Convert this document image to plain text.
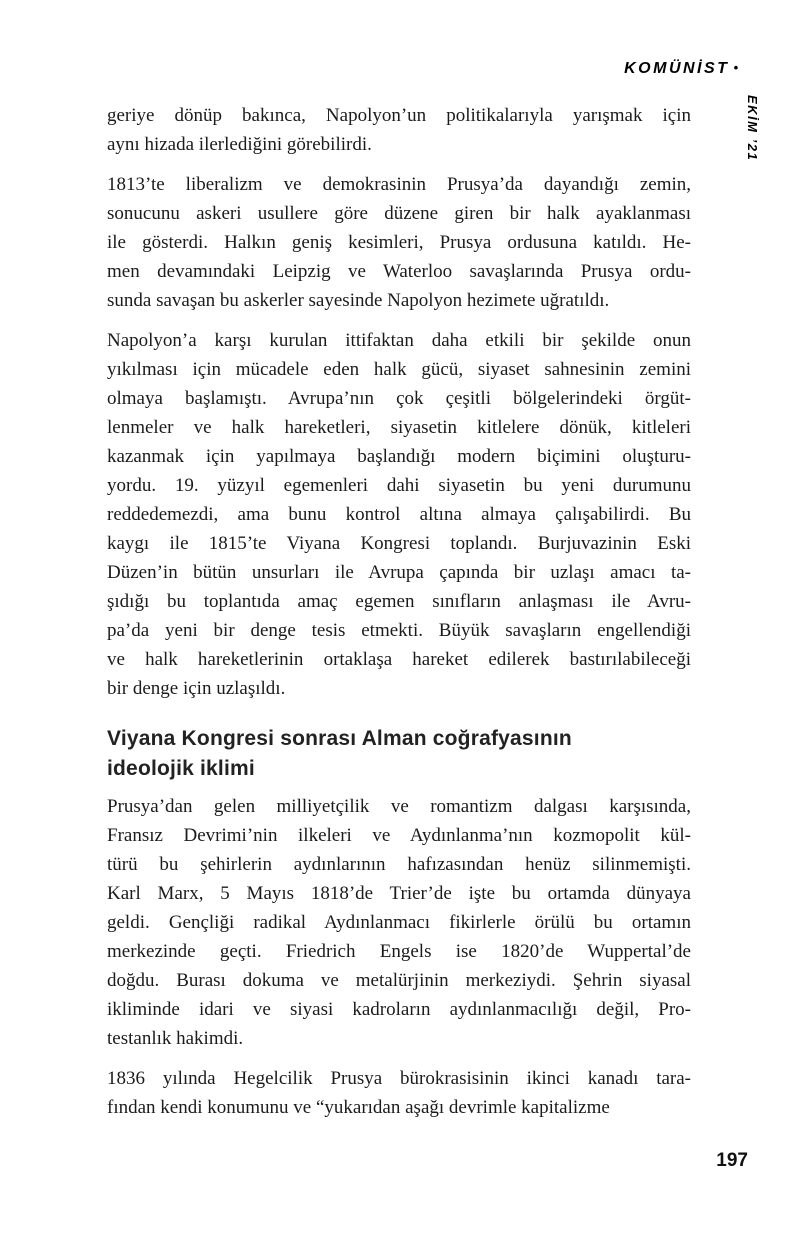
KOMÜNİST •
EKİM ’21

geriye dönüp bakınca, Napolyon’un politikalarıyla yarışmak için
aynı hizada ilerlediğini görebilirdi.

1813’te liberalizm ve demokrasinin Prusya’da dayandığı zemin,
sonucunu askeri usullere göre düzene giren bir halk ayaklanması
ile gösterdi. Halkın geniş kesimleri, Prusya ordusuna katıldı. He-
men devamındaki Leipzig ve Waterloo savaşlarında Prusya ordu-
sunda savaşan bu askerler sayesinde Napolyon hezimete uğratıldı.

Napolyon’a karşı kurulan ittifaktan daha etkili bir şekilde onun
yıkılması için mücadele eden halk gücü, siyaset sahnesinin zemini
olmaya başlamıştı. Avrupa’nın çok çeşitli bölgelerindeki örgüt-
lenmeler ve halk hareketleri, siyasetin kitlelere dönük, kitleleri
kazanmak için yapılmaya başlandığı modern biçimini oluşturu-
yordu. 19. yüzyıl egemenleri dahi siyasetin bu yeni durumunu
reddedemezdi, ama bunu kontrol altına almaya çalışabilirdi. Bu
kaygı ile 1815’te Viyana Kongresi toplandı. Burjuvazinin Eski
Düzen’in bütün unsurları ile Avrupa çapında bir uzlaşı amacı ta-
şıdığı bu toplantıda amaç egemen sınıfların anlaşması ile Avru-
pa’da yeni bir denge tesis etmekti. Büyük savaşların engellendiği
ve halk hareketlerinin ortaklaşa hareket edilerek bastırılabileceği
bir denge için uzlaşıldı.

Viyana Kongresi sonrası Alman coğrafyasının
ideolojik iklimi

Prusya’dan gelen milliyetçilik ve romantizm dalgası karşısında,
Fransız Devrimi’nin ilkeleri ve Aydınlanma’nın kozmopolit kül-
türü bu şehirlerin aydınlarının hafızasından henüz silinmemişti.
Karl Marx, 5 Mayıs 1818’de Trier’de işte bu ortamda dünyaya
geldi. Gençliği radikal Aydınlanmacı fikirlerle örülü bu ortamın
merkezinde geçti. Friedrich Engels ise 1820’de Wuppertal’de
doğdu. Burası dokuma ve metalürjinin merkeziydi. Şehrin siyasal
ikliminde idari ve siyasi kadroların aydınlanmacılığı değil, Pro-
testanlık hakimdi.

1836 yılında Hegelcilik Prusya bürokrasisinin ikinci kanadı tara-
fından kendi konumunu ve “yukarıdan aşağı devrimle kapitalizme

197
